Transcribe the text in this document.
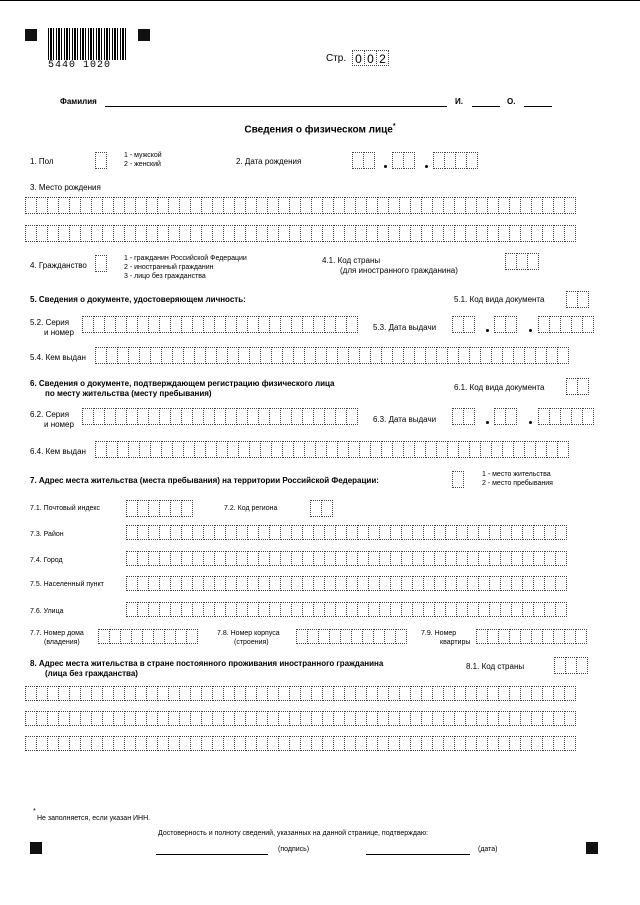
5440 1020
Стр. 0 0 2
Фамилия	И.	О.
Сведения о физическом лице*
1. Пол
1 - мужской
2 - женский	2. Дата рождения
3. Место рождения
4. Гражданство
1 - гражданин Российской Федерации
2 - иностранный гражданин
3 - лицо без гражданства
4.1. Код страны
(для иностранного гражданина)
5. Сведения о документе, удостоверяющем личность:	5.1. Код вида документа
5.2. Серия
и номер
5.3. Дата выдачи
5.4. Кем выдан
6. Сведения о документе, подтверждающем регистрацию физического лица
по месту жительства (месту пребывания)
6.1. Код вида документа
6.2. Серия
и номер
6.3. Дата выдачи
6.4. Кем выдан
7. Адрес места жительства (места пребывания) на территории Российской Федерации:
1 - место жительства
2 - место пребывания
7.1. Почтовый индекс	7.2. Код региона
7.3. Район
7.4. Город
7.5. Населенный пункт
7.6. Улица
7.7. Номер дома
(владения)
7.8. Номер корпуса
(строения)
7.9. Номер
квартиры
8. Адрес места жительства в стране постоянного проживания иностранного гражданина
(лица без гражданства)
8.1. Код страны
*
Не заполняется, если указан ИНН.
Достоверность и полноту сведений, указанных на данной странице, подтверждаю:
(подпись)	(дата)
